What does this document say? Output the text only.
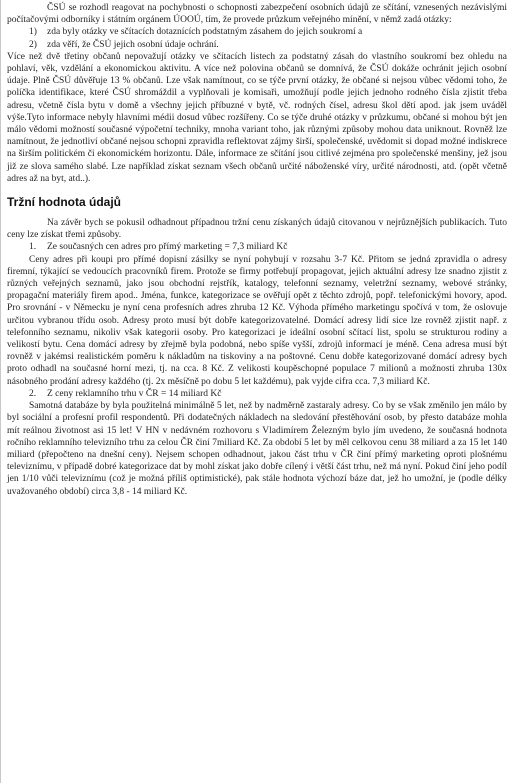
ČSÚ se rozhodl reagovat na pochybnosti o schopnosti zabezpečení osobních údajů ze sčítání, vznesených nezávislými počítačovými odborníky i státním orgánem ÚOOÚ, tím, že provede průzkum veřejného mínění, v němž zadá otázky:

1) zda byly otázky ve sčítacích dotaznících podstatným zásahem do jejich soukromí a
2) zda věří, že ČSÚ jejich osobní údaje ochrání.

Více než dvě třetiny občanů nepovažují otázky ve sčítacích listech za podstatný zásah do vlastního soukromí bez ohledu na pohlaví, věk, vzdělání a ekonomickou aktivitu. A více než polovina občanů se domnívá, že ČSÚ dokáže ochránit jejich osobní údaje. Plně ČSÚ důvěřuje 13 % občanů. Lze však namítnout, co se týče první otázky, že občané si nejsou vůbec vědomi toho, že políčka identifikace, které ČSÚ shromáždil a vyplňovali je komisaři, umožňují podle jejich jednoho rodného čísla zjistit třeba adresu, včetně čísla bytu v domě a všechny jejich příbuzné v bytě, vč. rodných čísel, adresu škol dětí apod. jak jsem uváděl výše.Tyto informace nebyly hlavními médii dosud vůbec rozšířeny. Co se týče druhé otázky v průzkumu, občané si mohou být jen málo vědomi možností současné výpočetní techniky, mnoha variant toho, jak různými způsoby mohou data uniknout. Rovněž lze namítnout, že jednotliví občané nejsou schopni zpravidla reflektovat zájmy širší, společenské, uvědomit si dopad možné indiskrece na širším politickém či ekonomickém horizontu. Dále, informace ze sčítání jsou citlivé zejména pro společenské menšiny, jež jsou již ze slova samého slabé. Lze například získat seznam všech občanů určité náboženské víry, určité národnosti, atd. (opět včetně adres až na byt, atd..).

Tržní hodnota údajů

Na závěr bych se pokusil odhadnout případnou tržní cenu získaných údajů citovanou v nejrůznějších publikacích. Tuto ceny lze získat třemi způsoby.

1. Ze současných cen adres pro přímý marketing = 7,3 miliard Kč

Ceny adres při koupi pro přímé dopisní zásilky se nyní pohybují v rozsahu 3-7 Kč. Přitom se jedná zpravidla o adresy firemní, týkající se vedoucích pracovníků firem. Protože se firmy potřebují propagovat, jejich aktuální adresy lze snadno zjistit z různých veřejných seznamů, jako jsou obchodní rejstřík, katalogy, telefonní seznamy, veletržní seznamy, webové stránky, propagační materiály firem apod.. Jména, funkce, kategorizace se ověřují opět z těchto zdrojů, popř. telefonickými hovory, apod. Pro srovnání - v Německu je nyní cena profesních adres zhruba 12 Kč. Výhoda přímého marketingu spočívá v tom, že oslovuje určitou vybranou třídu osob. Adresy proto musí být dobře kategorizovatelné. Domácí adresy lidí sice lze rovněž zjistit např. z telefonního seznamu, nikoliv však kategorii osoby. Pro kategorizaci je ideální osobní sčítací list, spolu se strukturou rodiny a velikostí bytu. Cena domácí adresy by zřejmě byla podobná, nebo spíše vyšší, zdrojů informací je méně. Cena adresa musí být rovněž v jakémsi realistickém poměru k nákladům na tiskoviny a na poštovné. Cenu dobře kategorizované domácí adresy bych proto odhadl na současné horní mezi, tj. na cca. 8 Kč. Z velikosti koupěschopné populace 7 milionů a možnosti zhruba 130x násobného prodání adresy každého (tj. 2x měsíčně po dobu 5 let každému), pak vyjde cifra cca. 7,3 miliard Kč.

2. Z ceny reklamního trhu v ČR = 14 miliard Kč

Samotná databáze by byla použitelná minimálně 5 let, než by nadměrně zastaraly adresy. Co by se však změnilo jen málo by byl sociální a profesní profil respondentů. Při dodatečných nákladech na sledování přestěhování osob, by přesto databáze mohla mít reálnou životnost asi 15 let! V HN v nedávném rozhovoru s Vladimírem Železným bylo jím uvedeno, že současná hodnota ročního reklamního televizního trhu za celou ČR činí 7miliard Kč. Za období 5 let by měl celkovou cenu 38 miliard a za 15 let 140 miliard (přepočteno na dnešní ceny). Nejsem schopen odhadnout, jakou část trhu v ČR činí přímý marketing oproti plošnému televiznímu, v případě dobré kategorizace dat by mohl získat jako dobře cílený i větší část trhu, než má nyní. Pokud činí jeho podíl jen 1/10 vůči televiznímu (což je možná příliš optimistické), pak stále hodnota výchozí báze dat, jež ho umožní, je (podle délky uvažovaného období) circa 3,8 - 14 miliard Kč.
